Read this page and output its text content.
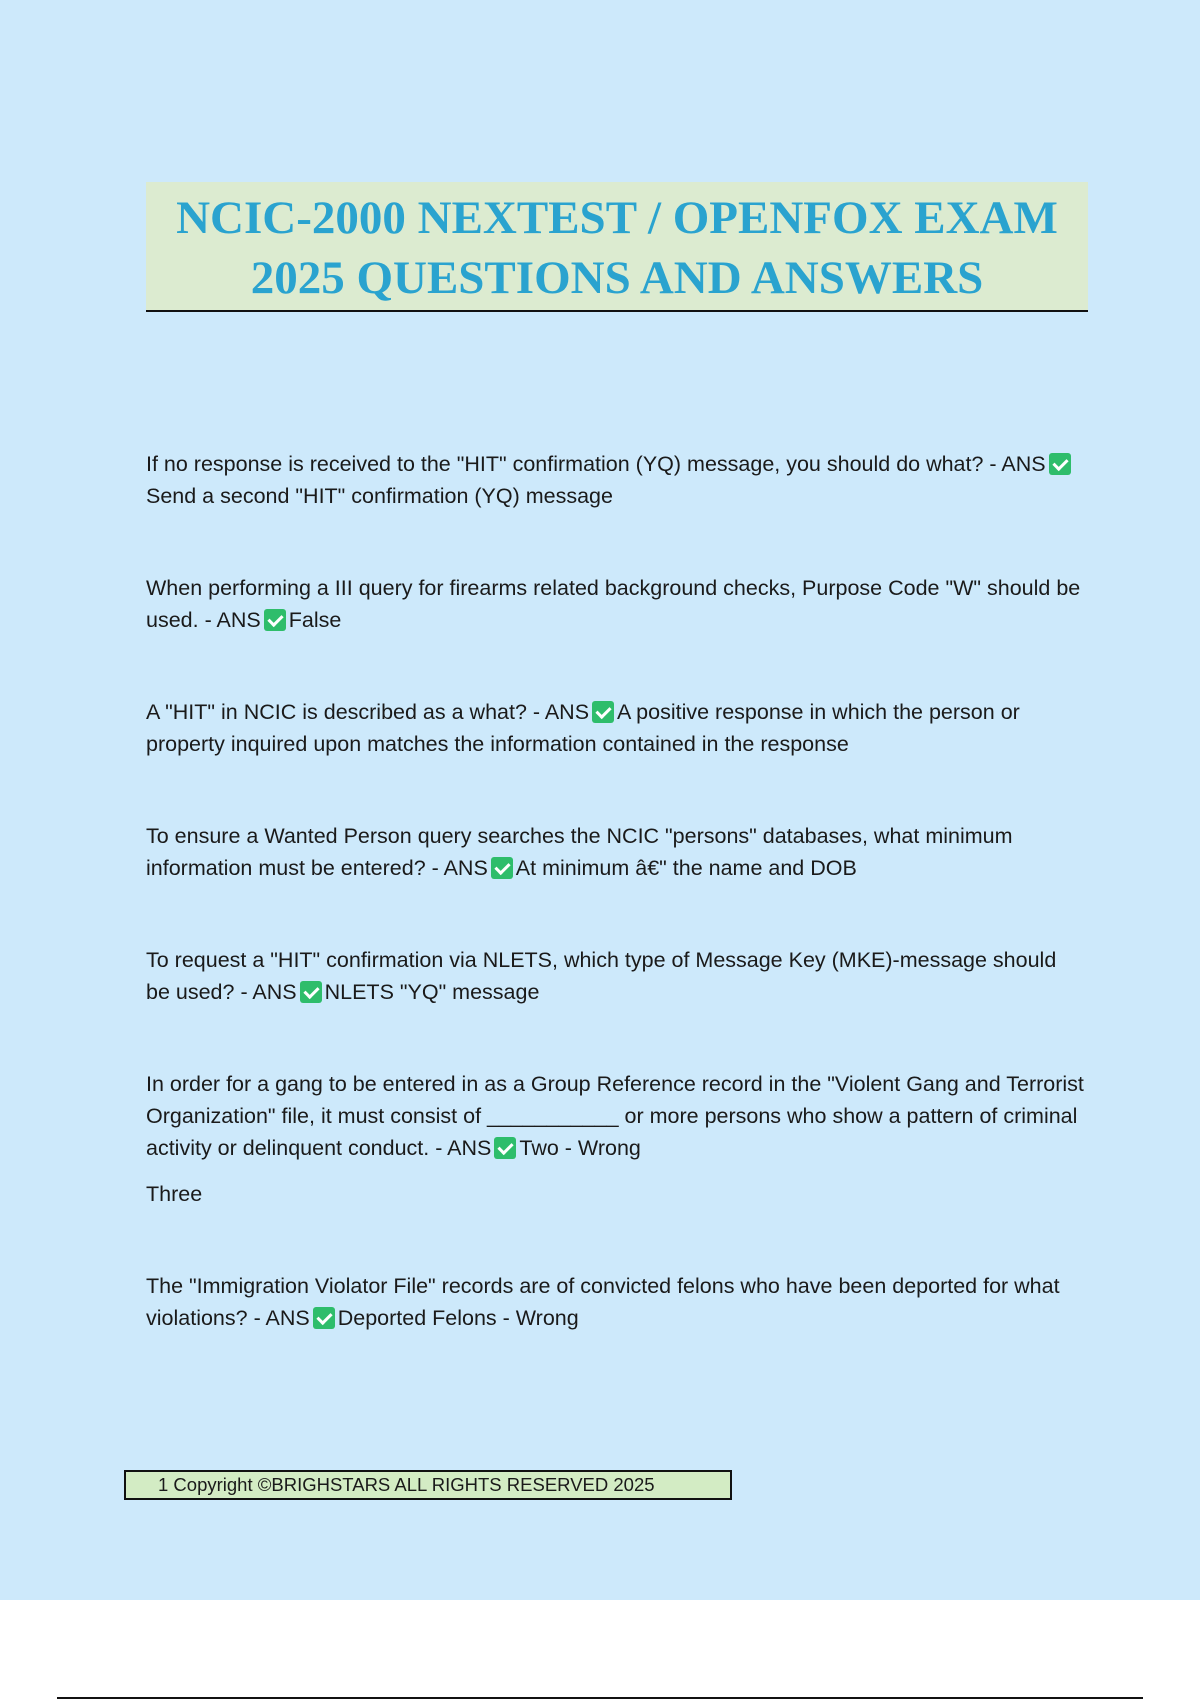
NCIC-2000 NEXTEST / OPENFOX EXAM
2025 QUESTIONS AND ANSWERS

If no response is received to the "HIT" confirmation (YQ) message, you should do what? - ANSSend a second "HIT" confirmation (YQ) message

When performing a III query for firearms related background checks, Purpose Code "W" should be used. - ANS False

A "HIT" in NCIC is described as a what? - ANS A positive response in which the person or property inquired upon matches the information contained in the response

To ensure a Wanted Person query searches the NCIC "persons" databases, what minimum information must be entered? - ANS At minimum â€" the name and DOB

To request a "HIT" confirmation via NLETS, which type of Message Key (MKE)-message should be used? - ANS NLETS "YQ" message

In order for a gang to be entered in as a Group Reference record in the "Violent Gang and Terrorist Organization" file, it must consist of ___________ or more persons who show a pattern of criminal activity or delinquent conduct. - ANS Two - Wrong
Three

The "Immigration Violator File" records are of convicted felons who have been deported for what violations? - ANS Deported Felons - Wrong

1 Copyright ©BRIGHSTARS ALL RIGHTS RESERVED 2025
